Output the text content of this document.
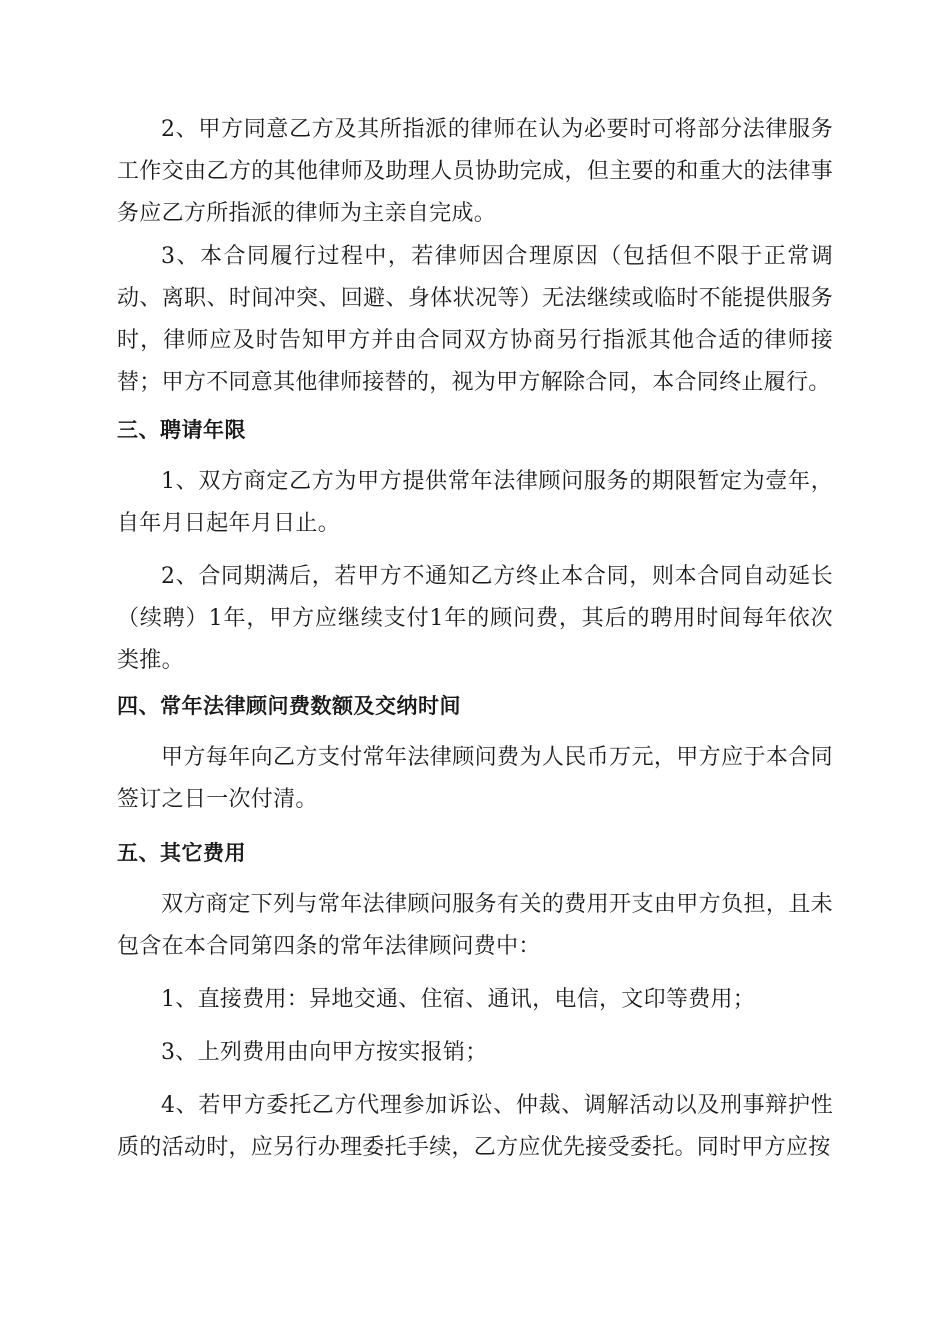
2、甲方同意乙方及其所指派的律师在认为必要时可将部分法律服务工作交由乙方的其他律师及助理人员协助完成，但主要的和重大的法律事务应乙方所指派的律师为主亲自完成。

3、本合同履行过程中，若律师因合理原因（包括但不限于正常调动、离职、时间冲突、回避、身体状况等）无法继续或临时不能提供服务时，律师应及时告知甲方并由合同双方协商另行指派其他合适的律师接替；甲方不同意其他律师接替的，视为甲方解除合同，本合同终止履行。

三、聘请年限

1、双方商定乙方为甲方提供常年法律顾问服务的期限暂定为壹年，自年月日起年月日止。

2、合同期满后，若甲方不通知乙方终止本合同，则本合同自动延长（续聘）1年，甲方应继续支付1年的顾问费，其后的聘用时间每年依次类推。

四、常年法律顾问费数额及交纳时间

甲方每年向乙方支付常年法律顾问费为人民币万元，甲方应于本合同签订之日一次付清。

五、其它费用

双方商定下列与常年法律顾问服务有关的费用开支由甲方负担，且未包含在本合同第四条的常年法律顾问费中：

1、直接费用：异地交通、住宿、通讯，电信，文印等费用；

3、上列费用由向甲方按实报销；

4、若甲方委托乙方代理参加诉讼、仲裁、调解活动以及刑事辩护性质的活动时，应另行办理委托手续，乙方应优先接受委托。同时甲方应按
